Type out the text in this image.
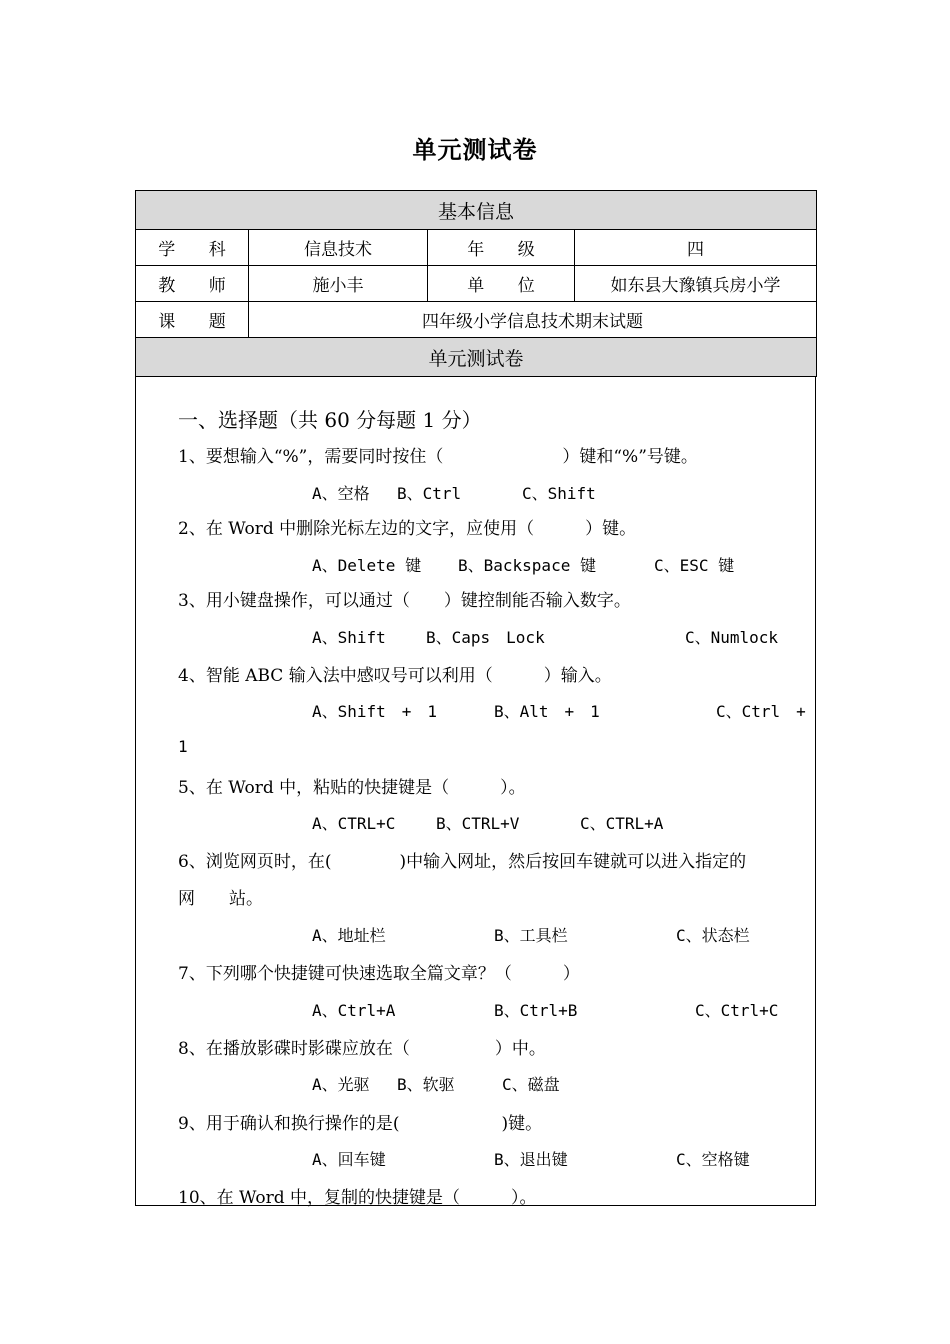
单元测试卷
基本信息			
学 科	信息技术	年 级	四
教 师	施小丰	单 位	如东县大豫镇兵房小学
课 题	四年级小学信息技术期末试题		
单元测试卷			
一、选择题（共 60 分每题 1 分）
1、要想输入“%”，需要同时按住（　　　　　　　）键和“%”号键。
A、空格 B、Ctrl	C、Shift
2、在 Word 中删除光标左边的文字，应使用（　　　）键。
A、Delete 键 B、Backspace 键	C、ESC 键
3、用小键盘操作，可以通过（　　）键控制能否输入数字。
A、Shift	B、Caps　Lock	C、Numlock
4、智能 ABC 输入法中感叹号可以利用（　　　）输入。
A、Shift　+　1	B、Alt　+　1	C、Ctrl　+
1
5、在 Word 中，粘贴的快捷键是（　　　）。
A、CTRL+C	B、CTRL+V	C、CTRL+A
6、浏览网页时，在(　　　　)中输入网址，然后按回车键就可以进入指定的
网　　站。
A、地址栏	B、工具栏	C、状态栏
7、下列哪个快捷键可快速选取全篇文章？（　　　）
A、Ctrl+A	B、Ctrl+B	C、Ctrl+C
8、在播放影碟时影碟应放在（　　　　　）中。
A、光驱 B、软驱	C、磁盘
9、用于确认和换行操作的是(　　　　　　)键。
A、回车键	B、退出键	C、空格键
10、在 Word 中，复制的快捷键是（　　　）。
